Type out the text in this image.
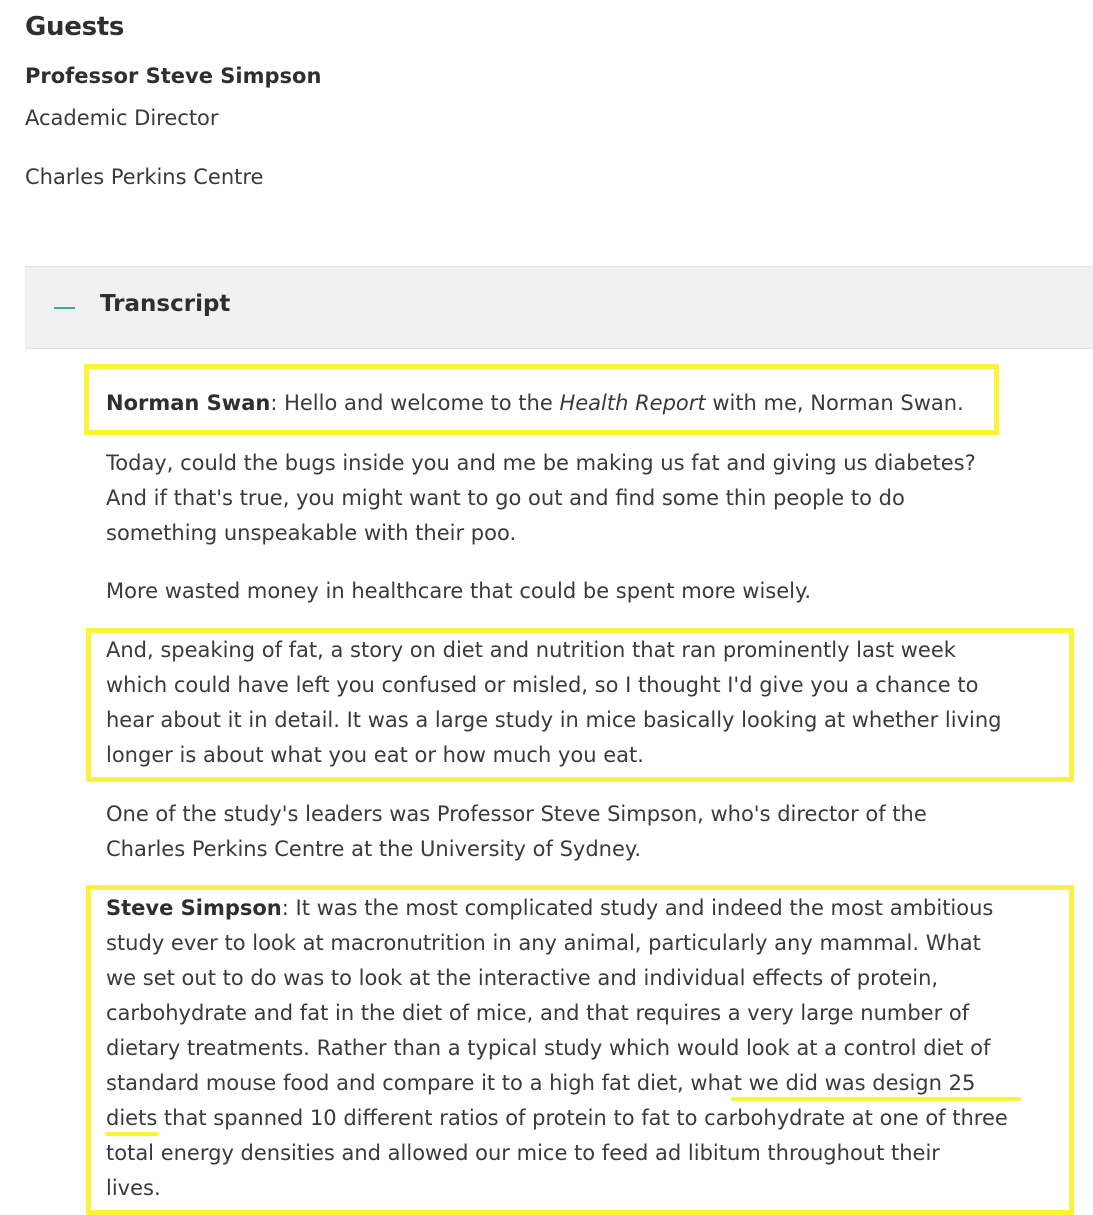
Guests

Professor Steve Simpson

Academic Director

Charles Perkins Centre

Transcript

Norman Swan: Hello and welcome to the Health Report with me, Norman Swan.

Today, could the bugs inside you and me be making us fat and giving us diabetes?
And if that's true, you might want to go out and find some thin people to do
something unspeakable with their poo.

More wasted money in healthcare that could be spent more wisely.

And, speaking of fat, a story on diet and nutrition that ran prominently last week
which could have left you confused or misled, so I thought I'd give you a chance to
hear about it in detail. It was a large study in mice basically looking at whether living
longer is about what you eat or how much you eat.

One of the study's leaders was Professor Steve Simpson, who's director of the
Charles Perkins Centre at the University of Sydney.

Steve Simpson: It was the most complicated study and indeed the most ambitious
study ever to look at macronutrition in any animal, particularly any mammal. What
we set out to do was to look at the interactive and individual effects of protein,
carbohydrate and fat in the diet of mice, and that requires a very large number of
dietary treatments. Rather than a typical study which would look at a control diet of
standard mouse food and compare it to a high fat diet, what we did was design 25
diets that spanned 10 different ratios of protein to fat to carbohydrate at one of three
total energy densities and allowed our mice to feed ad libitum throughout their
lives.
